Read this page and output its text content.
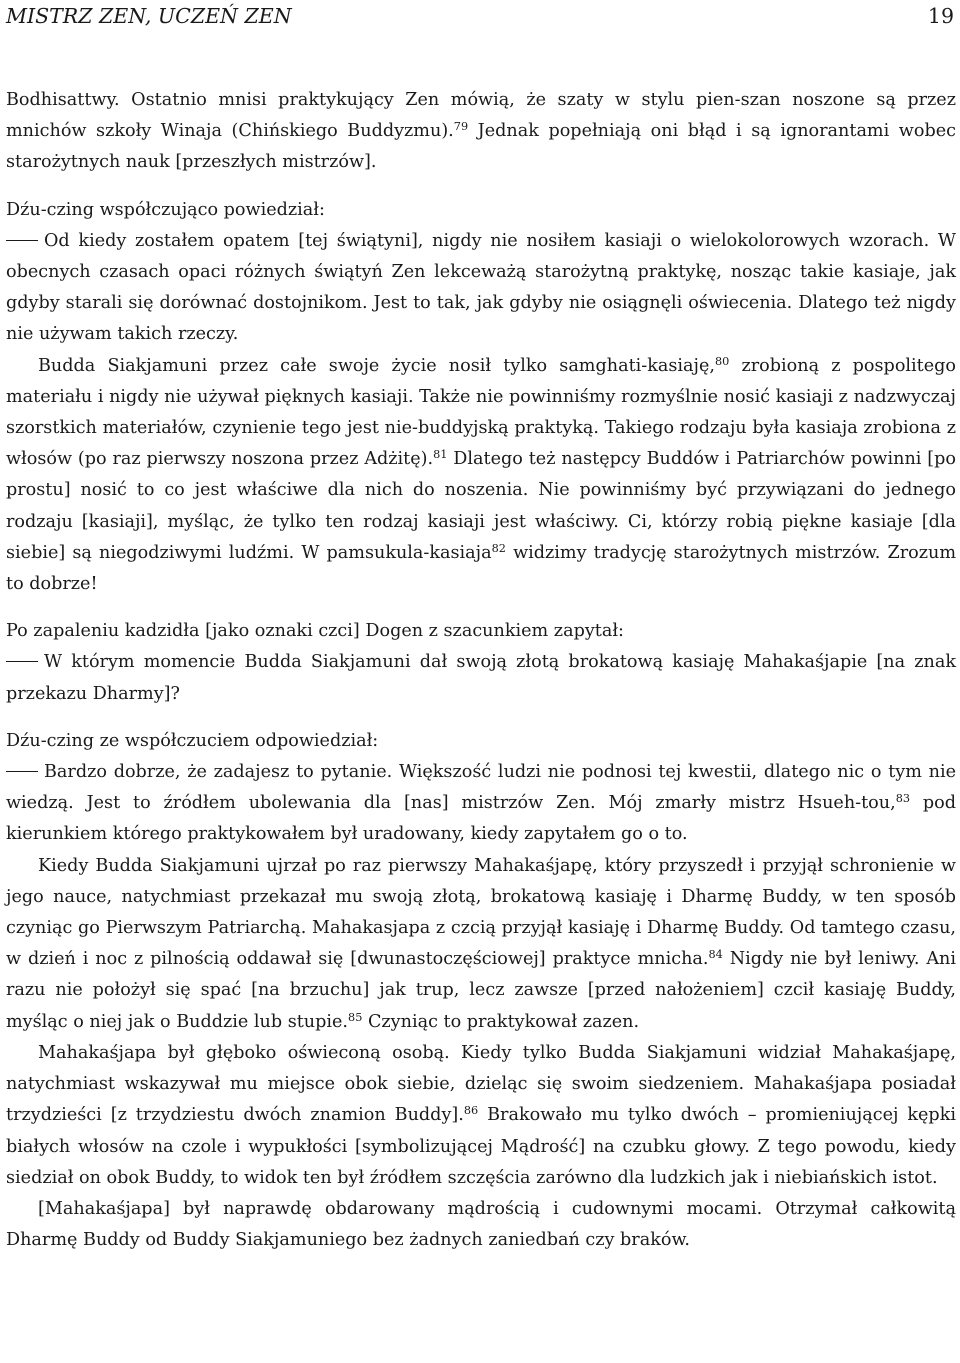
MISTRZ ZEN, UCZEŃ ZEN	19

Bodhisattwy. Ostatnio mnisi praktykujący Zen mówią, że szaty w stylu pien-szan noszone są przez mnichów szkoły Winaja (Chińskiego Buddyzmu).$^{79}$ Jednak popełniają oni błąd i są ignorantami wobec starożytnych nauk [przeszłych mistrzów].

Dźu-czing współczująco powiedział:

Od kiedy zostałem opatem [tej świątyni], nigdy nie nosiłem kasiaji o wielokolorowych wzorach. W obecnych czasach opaci różnych świątyń Zen lekceważą starożytną praktykę, nosząc takie kasiaje, jak gdyby starali się dorównać dostojnikom. Jest to tak, jak gdyby nie osiągnęli oświecenia. Dlatego też nigdy nie używam takich rzeczy.

Budda Siakjamuni przez całe swoje życie nosił tylko samghati-kasiaję,$^{80}$ zrobioną z pospolitego materiału i nigdy nie używał pięknych kasiaji. Także nie powinniśmy rozmyślnie nosić kasiaji z nadzwyczaj szorstkich materiałów, czynienie tego jest nie-buddyjską praktyką. Takiego rodzaju była kasiaja zrobiona z włosów (po raz pierwszy noszona przez Adżitę).$^{81}$ Dlatego też następcy Buddów i Patriarchów powinni [po prostu] nosić to co jest właściwe dla nich do noszenia. Nie powinniśmy być przywiązani do jednego rodzaju [kasiaji], myśląc, że tylko ten rodzaj kasiaji jest właściwy. Ci, którzy robią piękne kasiaje [dla siebie] są niegodziwymi ludźmi. W pamsukula-kasiaja$^{82}$ widzimy tradycję starożytnych mistrzów. Zrozum to dobrze!

Po zapaleniu kadzidła [jako oznaki czci] Dogen z szacunkiem zapytał:

W którym momencie Budda Siakjamuni dał swoją złotą brokatową kasiaję Mahakaśjapie [na znak przekazu Dharmy]?

Dźu-czing ze współczuciem odpowiedział:

Bardzo dobrze, że zadajesz to pytanie. Większość ludzi nie podnosi tej kwestii, dlatego nic o tym nie wiedzą. Jest to źródłem ubolewania dla [nas] mistrzów Zen. Mój zmarły mistrz Hsueh-tou,$^{83}$ pod kierunkiem którego praktykowałem był uradowany, kiedy zapytałem go o to.

Kiedy Budda Siakjamuni ujrzał po raz pierwszy Mahakaśjapę, który przyszedł i przyjął schronienie w jego nauce, natychmiast przekazał mu swoją złotą, brokatową kasiaję i Dharmę Buddy, w ten sposób czyniąc go Pierwszym Patriarchą. Mahakasjapa z czcią przyjął kasiaję i Dharmę Buddy. Od tamtego czasu, w dzień i noc z pilnością oddawał się [dwunastoczęściowej] praktyce mnicha.$^{84}$ Nigdy nie był leniwy. Ani razu nie położył się spać [na brzuchu] jak trup, lecz zawsze [przed nałożeniem] czcił kasiaję Buddy, myśląc o niej jak o Buddzie lub stupie.$^{85}$ Czyniąc to praktykował zazen.

Mahakaśjapa był głęboko oświeconą osobą. Kiedy tylko Budda Siakjamuni widział Mahakaśjapę, natychmiast wskazywał mu miejsce obok siebie, dzieląc się swoim siedzeniem. Mahakaśjapa posiadał trzydzieści [z trzydziestu dwóch znamion Buddy].$^{86}$ Brakowało mu tylko dwóch – promieniującej kępki białych włosów na czole i wypukłości [symbolizującej Mądrość] na czubku głowy. Z tego powodu, kiedy siedział on obok Buddy, to widok ten był źródłem szczęścia zarówno dla ludzkich jak i niebiańskich istot.

[Mahakaśjapa] był naprawdę obdarowany mądrością i cudownymi mocami. Otrzymał całkowitą Dharmę Buddy od Buddy Siakjamuniego bez żadnych zaniedbań czy braków.
